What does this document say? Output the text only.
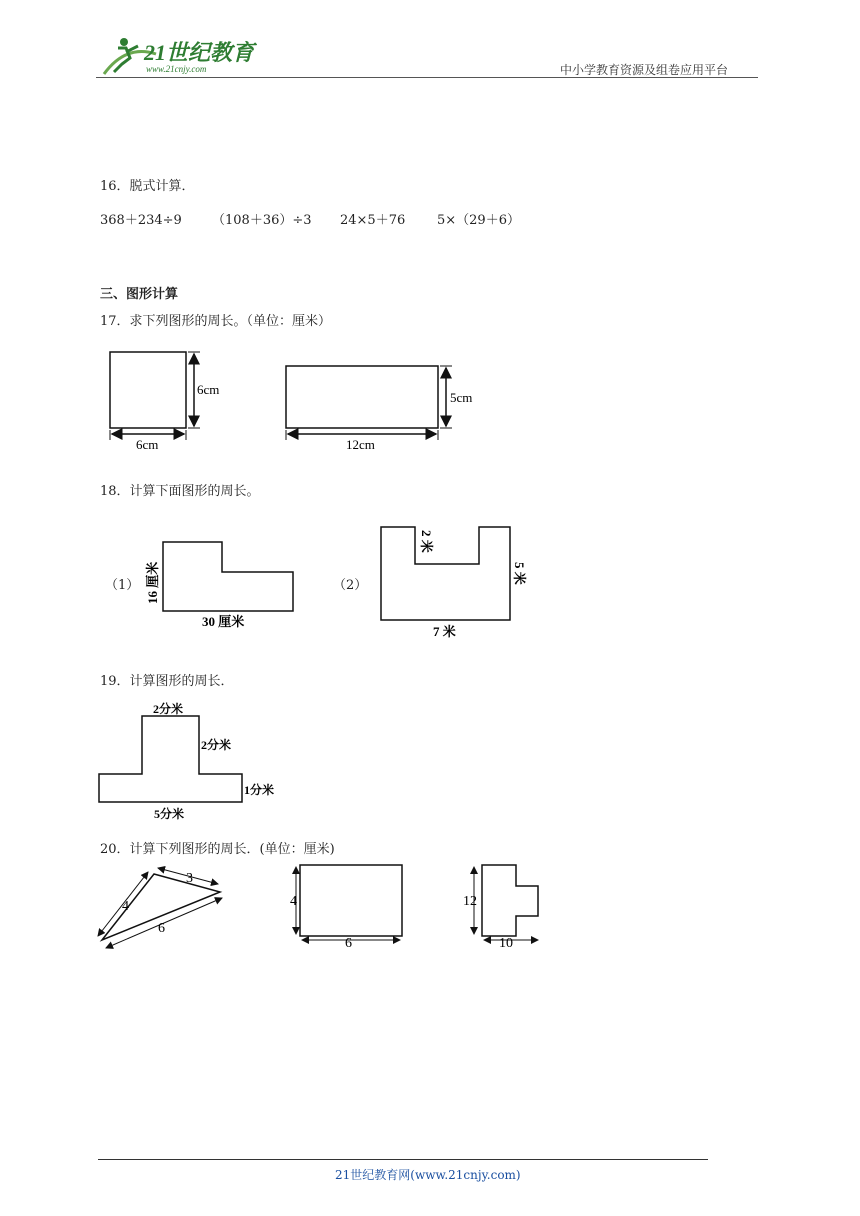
21世纪教育
www.21cnjy.com	中小学教育资源及组卷应用平台
16．脱式计算．
368＋234÷9 （108＋36）÷3 24×5＋76 5×（29＋6）
三、图形计算
17．求下列图形的周长。（单位：厘米）
6cm
6cm
5cm
12cm
18．计算下面图形的周长。
（1）	（2）
16 厘米
30 厘米
2 米
5 米
7 米
19．计算图形的周长．
2分米
2分米
1分米
5分米
20．计算下列图形的周长．(单位：厘米)
4
3
6
4
6
12
10
21世纪教育网(www.21cnjy.com)
